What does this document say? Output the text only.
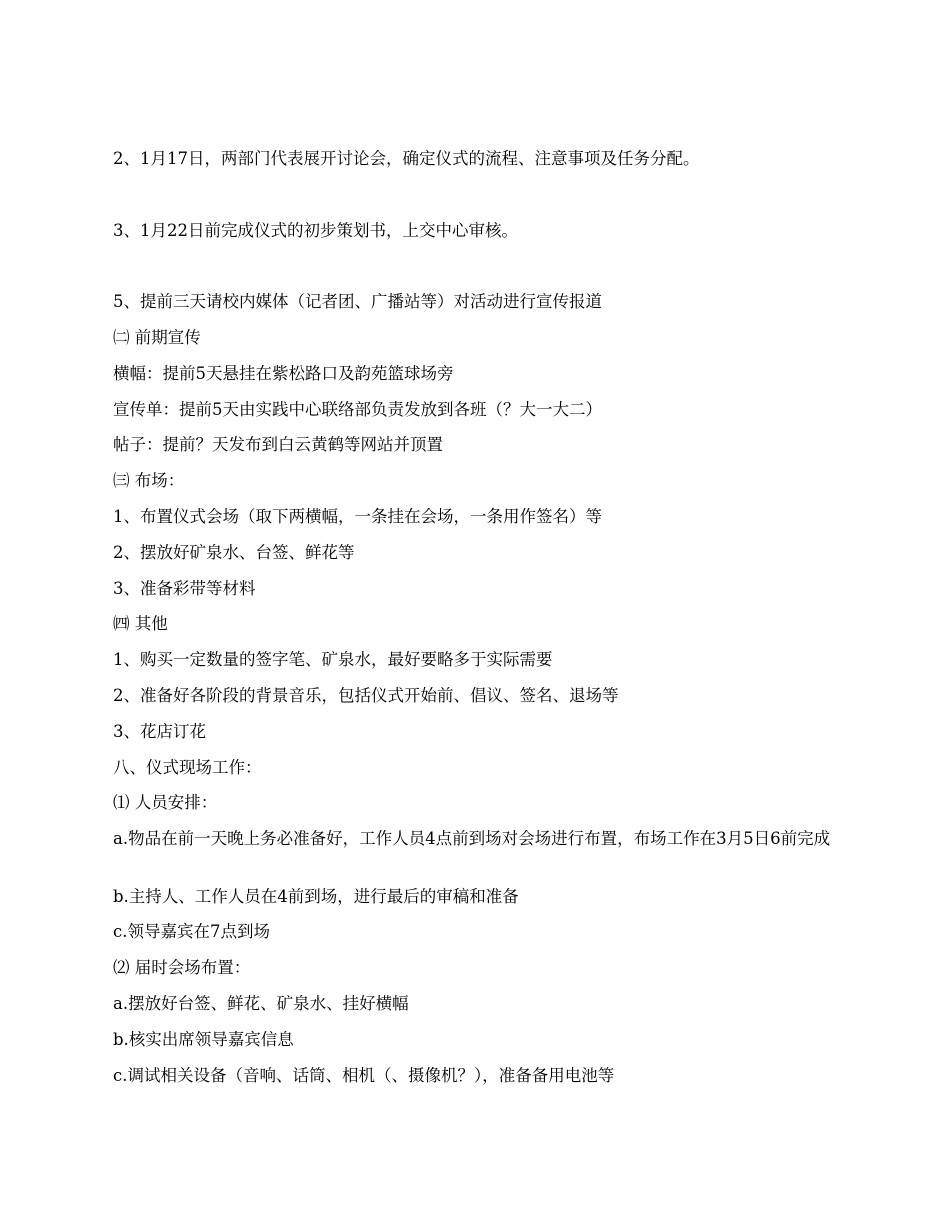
2、1月17日，两部门代表展开讨论会，确定仪式的流程、注意事项及任务分配。

3、1月22日前完成仪式的初步策划书，上交中心审核。

5、提前三天请校内媒体（记者团、广播站等）对活动进行宣传报道

㈡ 前期宣传

横幅：提前5天悬挂在紫松路口及韵苑篮球场旁

宣传单：提前5天由实践中心联络部负责发放到各班（？大一大二）

帖子：提前？天发布到白云黄鹤等网站并顶置

㈢ 布场：

1、布置仪式会场（取下两横幅，一条挂在会场，一条用作签名）等

2、摆放好矿泉水、台签、鲜花等

3、准备彩带等材料

㈣ 其他

1、购买一定数量的签字笔、矿泉水，最好要略多于实际需要

2、准备好各阶段的背景音乐，包括仪式开始前、倡议、签名、退场等

3、花店订花

八、仪式现场工作：

⑴ 人员安排：

a.物品在前一天晚上务必准备好，工作人员4点前到场对会场进行布置，布场工作在3月5日6前完成

b.主持人、工作人员在4前到场，进行最后的审稿和准备

c.领导嘉宾在7点到场

⑵ 届时会场布置：

a.摆放好台签、鲜花、矿泉水、挂好横幅

b.核实出席领导嘉宾信息

c.调试相关设备（音响、话筒、相机（、摄像机？），准备备用电池等
